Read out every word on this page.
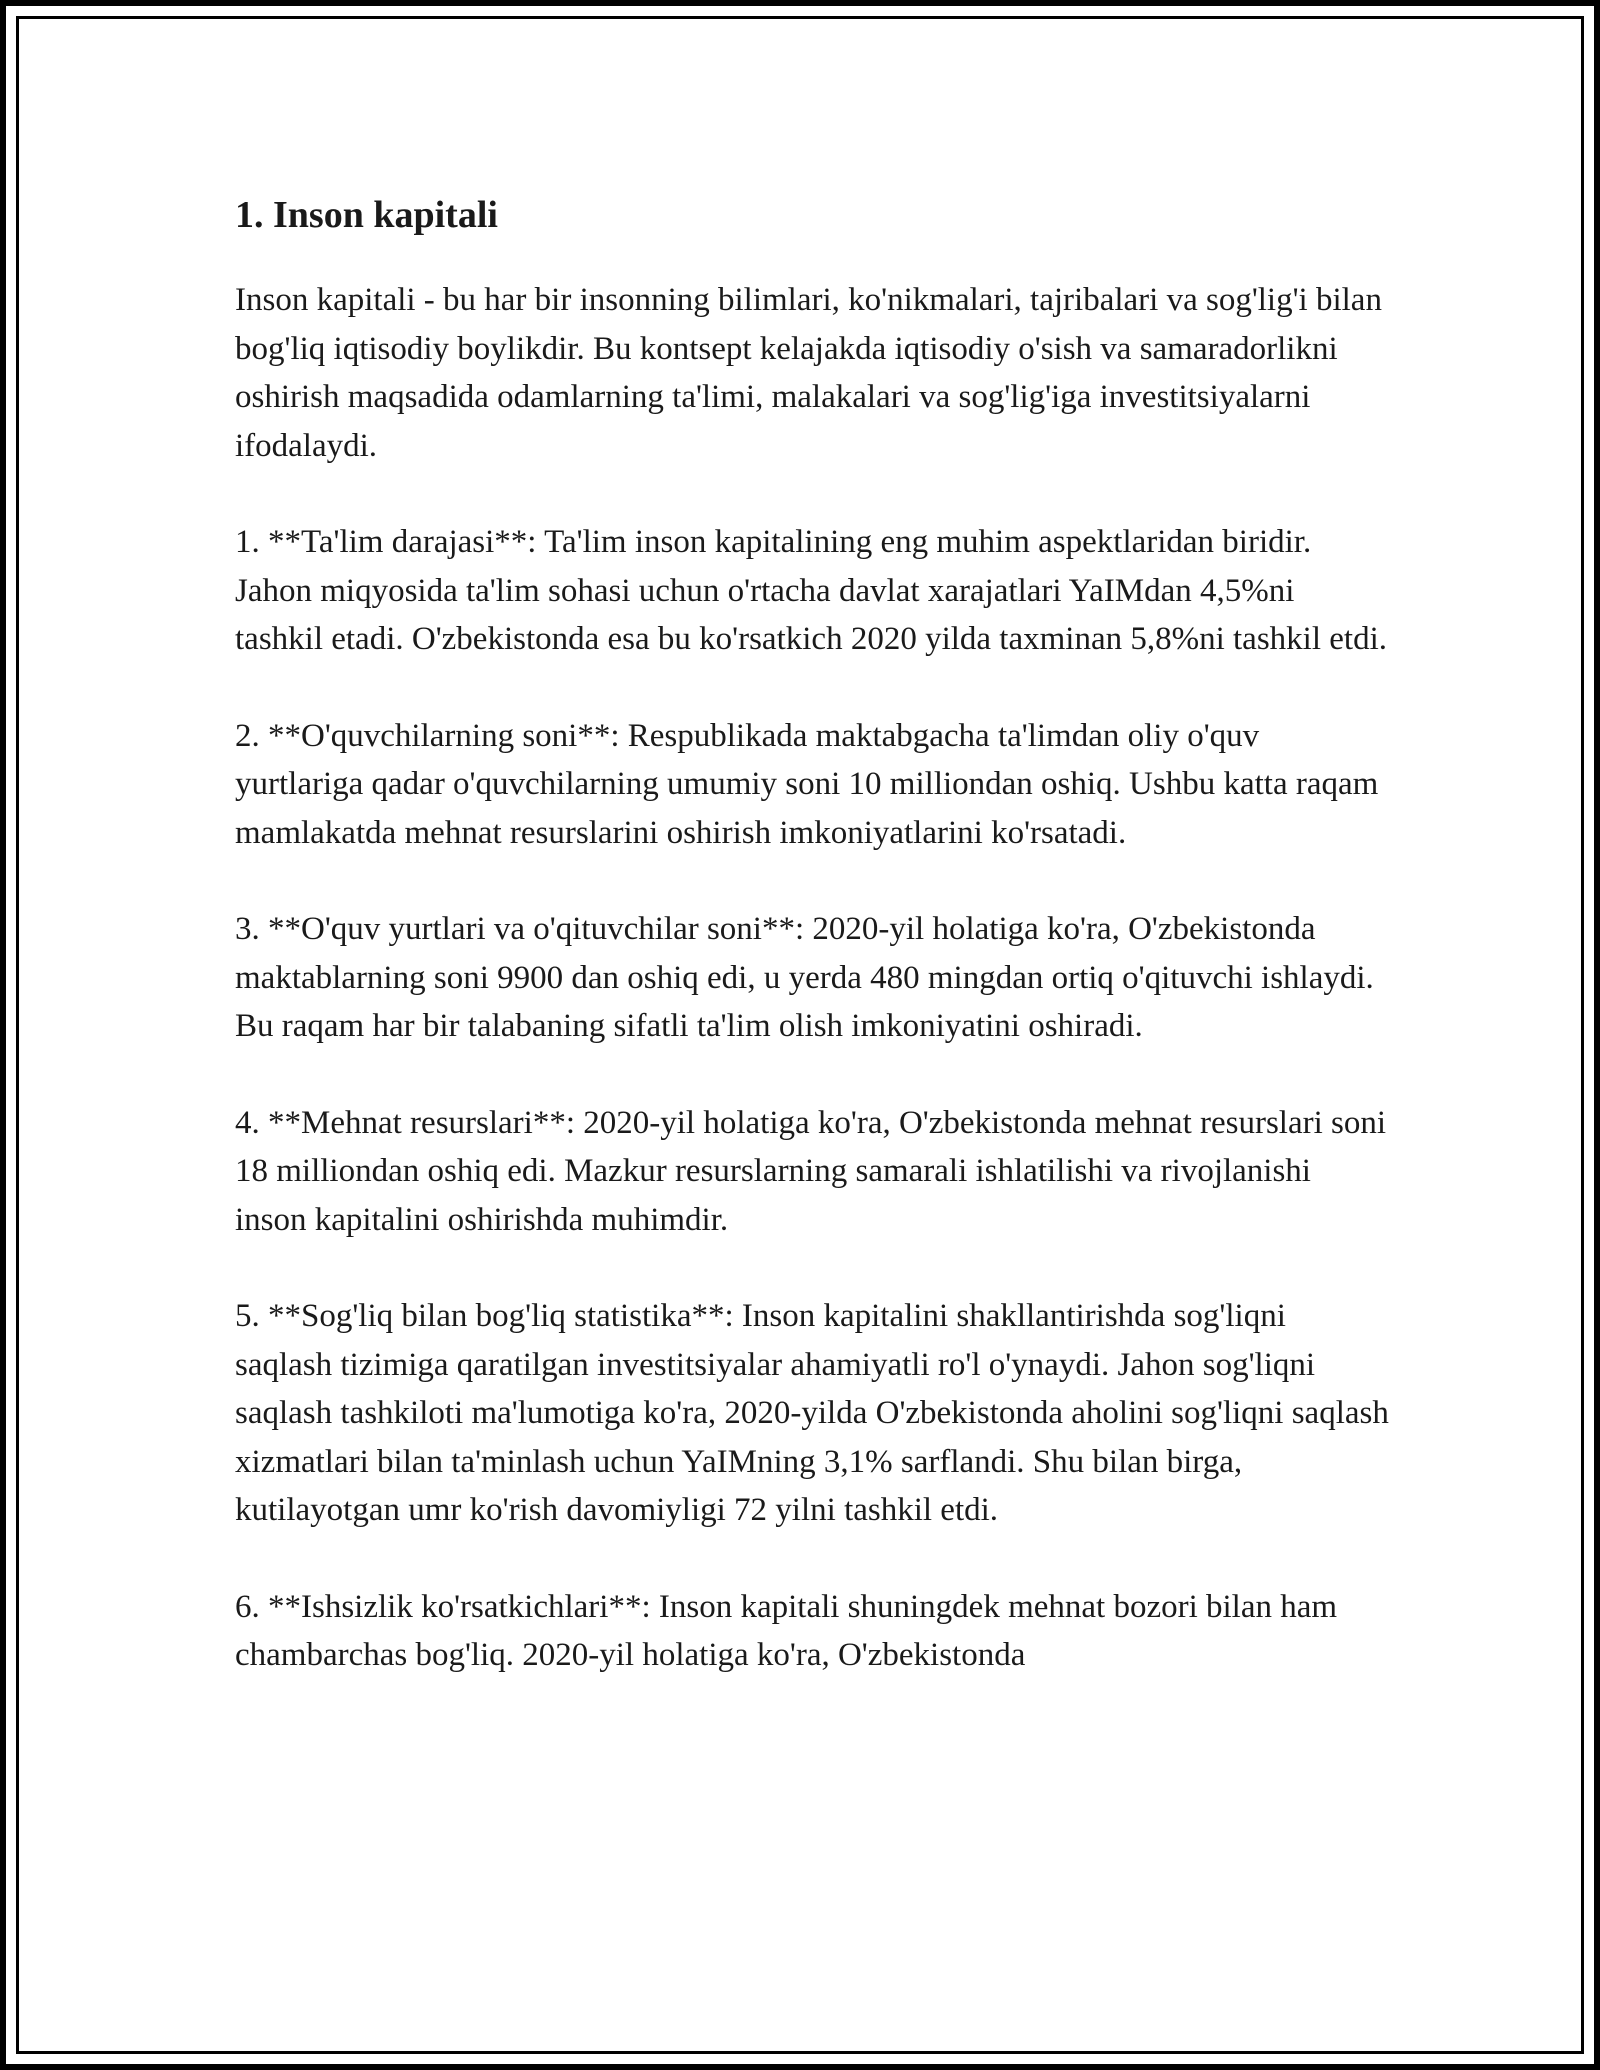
1. Inson kapitali

Inson kapitali - bu har bir insonning bilimlari, ko'nikmalari, tajribalari va sog'lig'i bilan bog'liq iqtisodiy boylikdir. Bu kontsept kelajakda iqtisodiy o'sish va samaradorlikni oshirish maqsadida odamlarning ta'limi, malakalari va sog'lig'iga investitsiyalarni ifodalaydi.

1. **Ta'lim darajasi**: Ta'lim inson kapitalining eng muhim aspektlaridan biridir. Jahon miqyosida ta'lim sohasi uchun o'rtacha davlat xarajatlari YaIMdan 4,5%ni tashkil etadi. O'zbekistonda esa bu ko'rsatkich 2020 yilda taxminan 5,8%ni tashkil etdi.

2. **O'quvchilarning soni**: Respublikada maktabgacha ta'limdan oliy o'quv yurtlariga qadar o'quvchilarning umumiy soni 10 milliondan oshiq. Ushbu katta raqam mamlakatda mehnat resurslarini oshirish imkoniyatlarini ko'rsatadi.

3. **O'quv yurtlari va o'qituvchilar soni**: 2020-yil holatiga ko'ra, O'zbekistonda maktablarning soni 9900 dan oshiq edi, u yerda 480 mingdan ortiq o'qituvchi ishlaydi. Bu raqam har bir talabaning sifatli ta'lim olish imkoniyatini oshiradi.

4. **Mehnat resurslari**: 2020-yil holatiga ko'ra, O'zbekistonda mehnat resurslari soni 18 milliondan oshiq edi. Mazkur resurslarning samarali ishlatilishi va rivojlanishi inson kapitalini oshirishda muhimdir.

5. **Sog'liq bilan bog'liq statistika**: Inson kapitalini shakllantirishda sog'liqni saqlash tizimiga qaratilgan investitsiyalar ahamiyatli ro'l o'ynaydi. Jahon sog'liqni saqlash tashkiloti ma'lumotiga ko'ra, 2020-yilda O'zbekistonda aholini sog'liqni saqlash xizmatlari bilan ta'minlash uchun YaIMning 3,1% sarflandi. Shu bilan birga, kutilayotgan umr ko'rish davomiyligi 72 yilni tashkil etdi.

6. **Ishsizlik ko'rsatkichlari**: Inson kapitali shuningdek mehnat bozori bilan ham chambarchas bog'liq. 2020-yil holatiga ko'ra, O'zbekistonda
